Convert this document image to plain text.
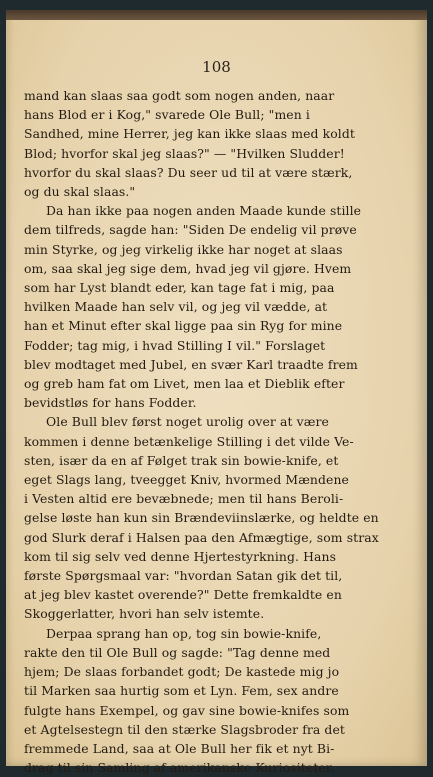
108

mand kan slaas saa godt som nogen anden, naar
hans Blod er i Kog," svarede Ole Bull; "men i
Sandhed, mine Herrer, jeg kan ikke slaas med koldt
Blod; hvorfor skal jeg slaas?" — "Hvilken Sludder!
hvorfor du skal slaas? Du seer ud til at være stærk,
og du skal slaas."

Da han ikke paa nogen anden Maade kunde stille
dem tilfreds, sagde han: "Siden De endelig vil prøve
min Styrke, og jeg virkelig ikke har noget at slaas
om, saa skal jeg sige dem, hvad jeg vil gjøre. Hvem
som har Lyst blandt eder, kan tage fat i mig, paa
hvilken Maade han selv vil, og jeg vil vædde, at
han et Minut efter skal ligge paa sin Ryg for mine
Fodder; tag mig, i hvad Stilling I vil." Forslaget
blev modtaget med Jubel, en svær Karl traadte frem
og greb ham fat om Livet, men laa et Dieblik efter
bevidstløs for hans Fodder.

Ole Bull blev først noget urolig over at være
kommen i denne betænkelige Stilling i det vilde Ve-
sten, især da en af Følget trak sin bowie-knife, et
eget Slags lang, tveegget Kniv, hvormed Mændene
i Vesten altid ere bevæbnede; men til hans Beroli-
gelse løste han kun sin Brændeviinslærke, og heldte en
god Slurk deraf i Halsen paa den Afmægtige, som strax
kom til sig selv ved denne Hjertestyrkning. Hans
første Spørgsmaal var: "hvordan Satan gik det til,
at jeg blev kastet overende?" Dette fremkaldte en
Skoggerlatter, hvori han selv istemte.

Derpaa sprang han op, tog sin bowie-knife,
rakte den til Ole Bull og sagde: "Tag denne med
hjem; De slaas forbandet godt; De kastede mig jo
til Marken saa hurtig som et Lyn. Fem, sex andre
fulgte hans Exempel, og gav sine bowie-knifes som
et Agtelsestegn til den stærke Slagsbroder fra det
fremmede Land, saa at Ole Bull her fik et nyt Bi-
drag til sin Samling af amerikanske Kuriositeter.
